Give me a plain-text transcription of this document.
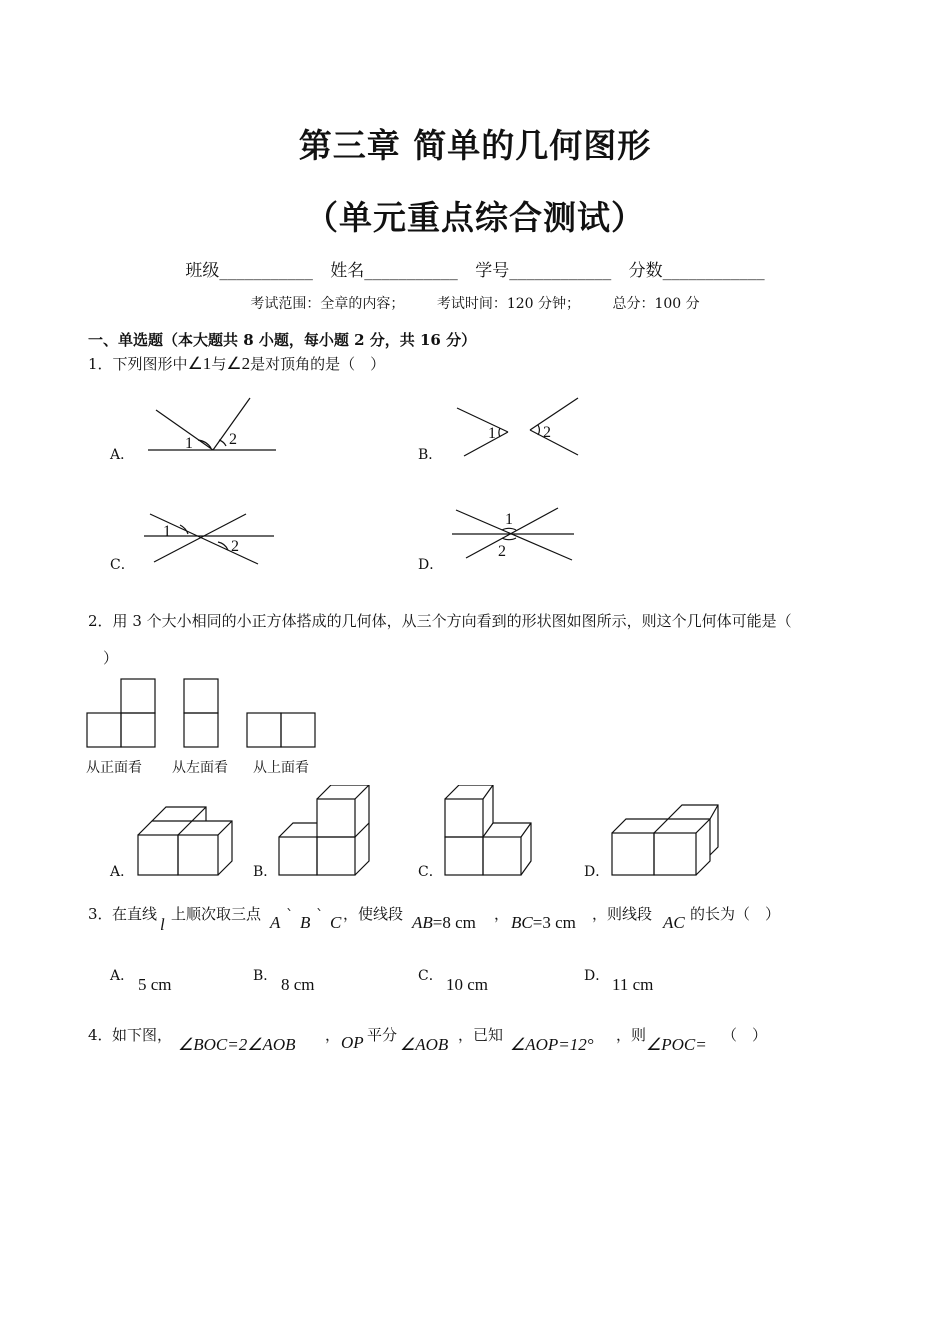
第三章 简单的几何图形
（单元重点综合测试）
班级___________ 姓名___________ 学号____________ 分数____________
考试范围：全章的内容； 考试时间：120 分钟； 总分：100 分
一、单选题（本大题共 8 小题，每小题 2 分，共 16 分）
1．下列图形中∠1与∠2是对顶角的是（　）
1 2	1	2
1
2
1
2
A．	B．
C．	D．
2．用 3 个大小相同的小正方体搭成的几何体，从三个方向看到的形状图如图所示，则这个几何体可能是（
）
从正面看 从左面看 从上面看
A．	B．	C．	D．
3． 在直线
l
上顺次取三点 A ` B ` C ，使线段 AB=8 cm ， BC=3 cm ，则线段 AC 的长为（　）
A． 5 cm	B． 8 cm	C． 10 cm	D． 11 cm
4． 如下图， ∠BOC=2∠AOB ， OP 平分 ∠AOB ，已知 ∠AOP=12° ，则 ∠POC= （　）
